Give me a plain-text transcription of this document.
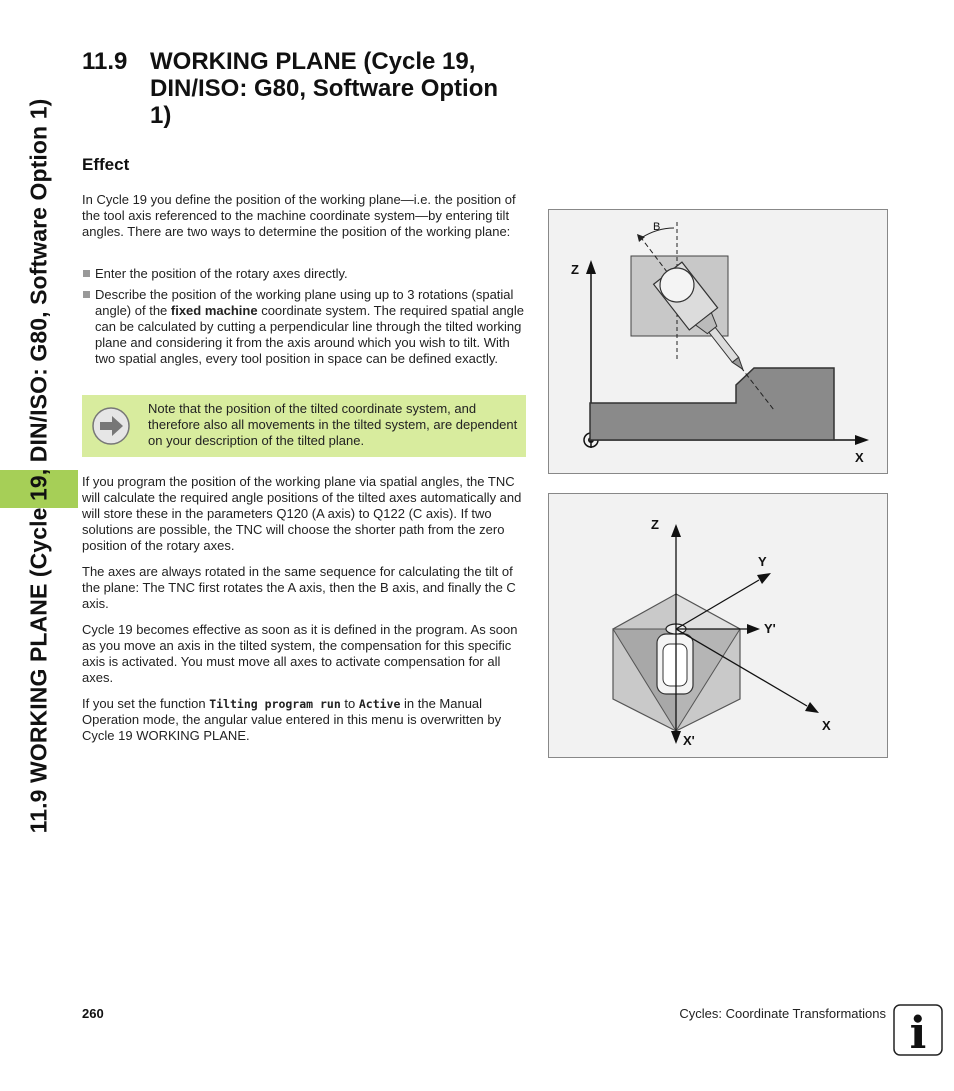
11.9 WORKING PLANE (Cycle 19, DIN/ISO: G80, Software Option 1)
11.9 WORKING PLANE (Cycle 19, DIN/ISO: G80, Software Option 1)
Effect

In Cycle 19 you define the position of the working plane—i.e. the position of the tool axis referenced to the machine coordinate system—by entering tilt angles. There are two ways to determine the position of the working plane:

Enter the position of the rotary axes directly.
Describe the position of the working plane using up to 3 rotations (spatial angle) of the fixed machine coordinate system. The required spatial angle can be calculated by cutting a perpendicular line through the tilted working plane and considering it from the axis around which you wish to tilt. With two spatial angles, every tool position in space can be defined exactly.
Note that the position of the tilted coordinate system, and therefore also all movements in the tilted system, are dependent on your description of the tilted plane.

If you program the position of the working plane via spatial angles, the TNC will calculate the required angle positions of the tilted axes automatically and will store these in the parameters Q120 (A axis) to Q122 (C axis). If two solutions are possible, the TNC will choose the shorter path from the zero position of the rotary axes.

The axes are always rotated in the same sequence for calculating the tilt of the plane: The TNC first rotates the A axis, then the B axis, and finally the C axis.

Cycle 19 becomes effective as soon as it is defined in the program. As soon as you move an axis in the tilted system, the compensation for this specific axis is activated. You must move all axes to activate compensation for all axes.

If you set the function Tilting program run to Active in the Manual Operation mode, the angular value entered in this menu is overwritten by Cycle 19 WORKING PLANE.

B
Z
X
Z
Y
Y'
X
X'
260	Cycles: Coordinate Transformations i
